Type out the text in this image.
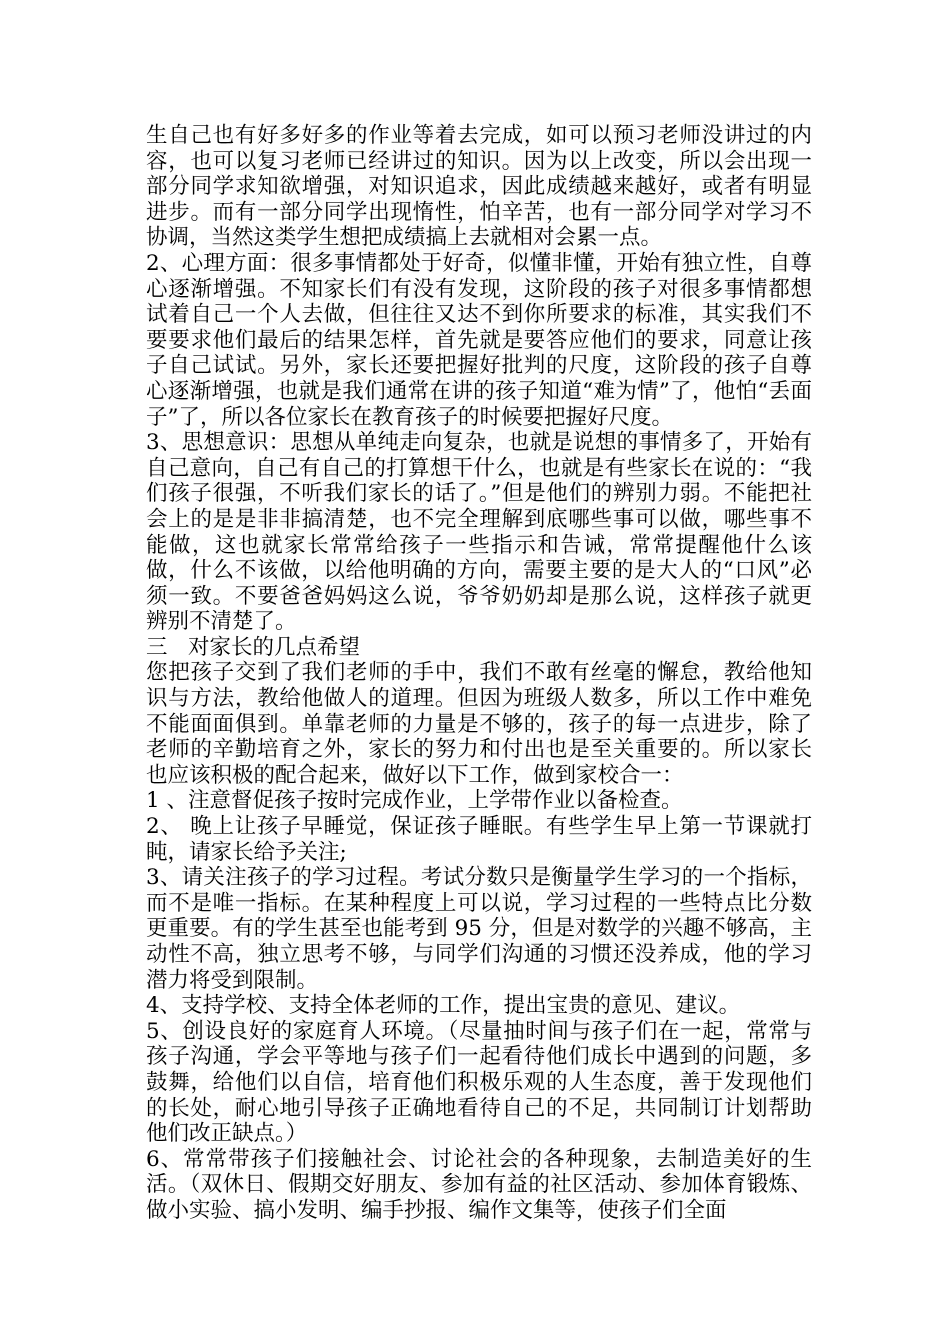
生自己也有好多好多的作业等着去完成，如可以预习老师没讲过的内容，也可以复习老师已经讲过的知识。因为以上改变，所以会出现一部分同学求知欲增强，对知识追求，因此成绩越来越好，或者有明显进步。而有一部分同学出现惰性，怕辛苦，也有一部分同学对学习不协调，当然这类学生想把成绩搞上去就相对会累一点。

2、心理方面：很多事情都处于好奇，似懂非懂，开始有独立性，自尊心逐渐增强。不知家长们有没有发现，这阶段的孩子对很多事情都想试着自己一个人去做，但往往又达不到你所要求的标准，其实我们不要要求他们最后的结果怎样，首先就是要答应他们的要求，同意让孩子自己试试。另外，家长还要把握好批判的尺度，这阶段的孩子自尊心逐渐增强，也就是我们通常在讲的孩子知道“难为情”了，他怕“丢面子”了，所以各位家长在教育孩子的时候要把握好尺度。

3、思想意识：思想从单纯走向复杂，也就是说想的事情多了，开始有自己意向，自己有自己的打算想干什么，也就是有些家长在说的：“我们孩子很强，不听我们家长的话了。”但是他们的辨别力弱。不能把社会上的是是非非搞清楚，也不完全理解到底哪些事可以做，哪些事不能做，这也就家长常常给孩子一些指示和告诫，常常提醒他什么该做，什么不该做，以给他明确的方向，需要主要的是大人的“口风”必须一致。不要爸爸妈妈这么说，爷爷奶奶却是那么说，这样孩子就更辨别不清楚了。

三   对家长的几点希望

您把孩子交到了我们老师的手中，我们不敢有丝毫的懈怠，教给他知识与方法，教给他做人的道理。但因为班级人数多，所以工作中难免不能面面俱到。单靠老师的力量是不够的，孩子的每一点进步，除了老师的辛勤培育之外，家长的努力和付出也是至关重要的。所以家长也应该积极的配合起来，做好以下工作，做到家校合一：

1 、注意督促孩子按时完成作业，上学带作业以备检查。

2、 晚上让孩子早睡觉，保证孩子睡眠。有些学生早上第一节课就打盹，请家长给予关注;

3、请关注孩子的学习过程。考试分数只是衡量学生学习的一个指标，而不是唯一指标。在某种程度上可以说，学习过程的一些特点比分数更重要。有的学生甚至也能考到 95 分，但是对数学的兴趣不够高，主动性不高，独立思考不够，与同学们沟通的习惯还没养成，他的学习潜力将受到限制。

4、支持学校、支持全体老师的工作，提出宝贵的意见、建议。

5、创设良好的家庭育人环境。（尽量抽时间与孩子们在一起，常常与孩子沟通，学会平等地与孩子们一起看待他们成长中遇到的问题，多鼓舞，给他们以自信，培育他们积极乐观的人生态度，善于发现他们的长处，耐心地引导孩子正确地看待自己的不足，共同制订计划帮助他们改正缺点。）

6、常常带孩子们接触社会、讨论社会的各种现象，去制造美好的生活。（双休日、假期交好朋友、参加有益的社区活动、参加体育锻炼、做小实验、搞小发明、编手抄报、编作文集等，使孩子们全面
